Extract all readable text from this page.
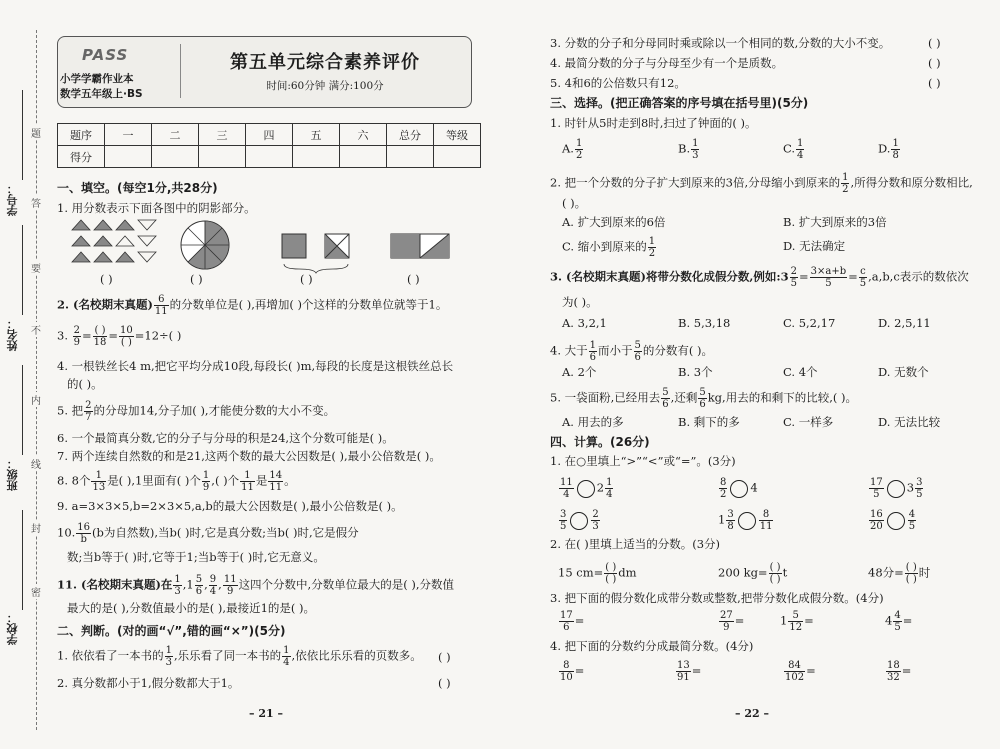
题
答
要
不
内
线
封
密
学号：
姓名：
班级：
学校：
PASS
小学学霸作业本
数学五年级上·BS
第五单元综合素养评价
时间:60分钟 满分:100分
题序	一	二	三	四	五	六	总分	等级
得分								
一、填空。(每空1分,共28分)
1. 用分数表示下面各图中的阴影部分。
( )	( )	( )	( )
2. (名校期末真题) $\frac{6}{11}$ 的分数单位是( ),再增加( )个这样的分数单位就等于1。
3. $\frac{2}{9} = \frac{( )}{18} = \frac{10}{( )} =12\div$( )
4. 一根铁丝长4 m,把它平均分成10段,每段长( )m,每段的长度是这根铁丝总长
的( )。
5. 把 $\frac{2}{7}$ 的分母加14,分子加( ),才能使分数的大小不变。
6. 一个最简真分数,它的分子与分母的积是24,这个分数可能是( )。
7. 两个连续自然数的和是21,这两个数的最大公因数是( ),最小公倍数是( )。
8. 8个 $\frac{1}{13}$ 是( ),1里面有( )个 $\frac{1}{9}$ ,( )个 $\frac{1}{11}$ 是 $\frac{14}{11}$ 。
9. a=3×3×5,b=2×3×5,a,b的最大公因数是( ),最小公倍数是( )。
10. $\frac{16}{b} (b$为自然数),当b( )时,它是真分数;当b( )时,它是假分
数;当b等于( )时,它等于1;当b等于( )时,它无意义。
11. (名校期末真题)在 $\frac{1}{3} ,1 \frac{5}{6}$ , $\frac{9}{4}$ , $\frac{11}{9}$ 这四个分数中,分数单位最大的是( ),分数值
最大的是( ),分数值最小的是( ),最接近1的是( )。
二、判断。(对的画“√”,错的画“×”)(5分)
1. 依依看了一本书的 $\frac{1}{3}$ ,乐乐看了同一本书的 $\frac{1}{4}$ ,依依比乐乐看的页数多。 ( )
2. 真分数都小于1,假分数都大于1。	( )
– 21 –
3. 分数的分子和分母同时乘或除以一个相同的数,分数的大小不变。	( )
4. 最简分数的分子与分母至少有一个是质数。	( )
5. 4和6的公倍数只有12。	( )
三、选择。(把正确答案的序号填在括号里)(5分)
1. 时针从5时走到8时,扫过了钟面的( )。
A. $\frac{1}{2}$	B. $\frac{1}{3}$	C. $\frac{1}{4}$	D. $\frac{1}{8}$
2. 把一个分数的分子扩大到原来的3倍,分母缩小到原来的 $\frac{1}{2}$ ,所得分数和原分数相比,
( )。
A. 扩大到原来的6倍	B. 扩大到原来的3倍
C. 缩小到原来的 $\frac{1}{2}$	D. 无法确定
3. (名校期末真题)将带分数化成假分数,例如:3 $\frac{2}{5} = \frac{3\times a+b}{5} = \frac{c}{5} ,a,b,c$表示的数依次
为( )。
A. 3,2,1	B. 5,3,18	C. 5,2,17	D. 2,5,11
4. 大于 $\frac{1}{6}$ 而小于 $\frac{5}{6}$ 的分数有( )。
A. 2个	B. 3个	C. 4个	D. 无数个
5. 一袋面粉,已经用去 $\frac{5}{6}$ ,还剩 $\frac{5}{6}$ kg,用去的和剩下的比较,( )。
A. 用去的多	B. 剩下的多	C. 一样多	D. 无法比较
四、计算。(26分)
1. 在○里填上“>”“<”或“=”。(3分)
$\frac{11}{4} 2 \frac{1}{4}$	$\frac{8}{2} 4$	$\frac{17}{5} 3 \frac{3}{5}$
$\frac{3}{5} \frac{2}{3}$	$1 \frac{3}{8} \frac{8}{11}$	$\frac{16}{20} \frac{4}{5}$
2. 在( )里填上适当的分数。(3分)
15 $cm= \frac{( )}{( )}$ dm	200 $kg= \frac{( )}{( )}$ t	48分= $\frac{( )}{( )}$ 时
3. 把下面的假分数化成带分数或整数,把带分数化成假分数。(4分)
$\frac{17}{6}$ =	$\frac{27}{9}$ =	$1 \frac{5}{12}$ =	$4 \frac{4}{5}$ =
4. 把下面的分数约分成最简分数。(4分)
$\frac{8}{10}$ =	$\frac{13}{91}$ =	$\frac{84}{102}$ =	$\frac{18}{32}$ =
– 22 –
